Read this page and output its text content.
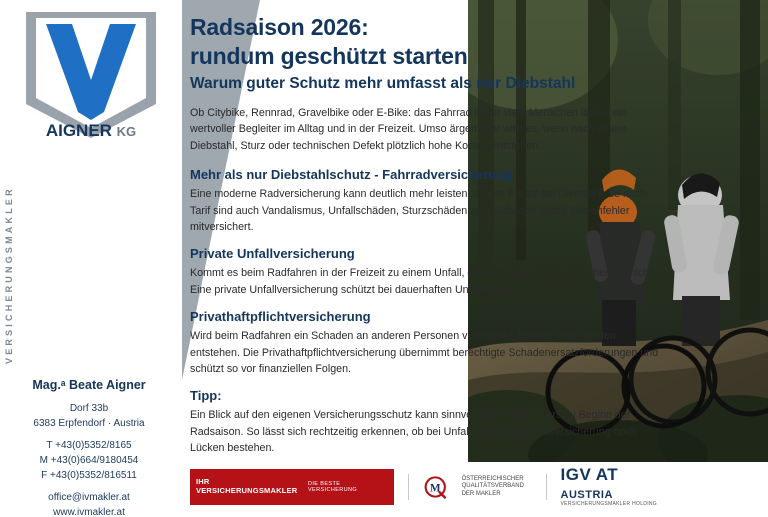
AIGNER KG
VERSICHERUNGSMAKLER
Mag.ᵃ Beate Aigner
Dorf 33b
6383 Erpfendorf · Austria
T +43(0)5352/8165
M +43(0)664/9180454
F +43(0)5352/816511
office@ivmakler.at
www.ivmakler.at
Radsaison 2026:
rundum geschützt starten
Warum guter Schutz mehr umfasst als nur Diebstahl

Ob Citybike, Rennrad, Gravelbike oder E-Bike: das Fahrrad ist für viele Menschen längst ein wertvoller Begleiter im Alltag und in der Freizeit. Umso ärgerlicher wird es, wenn nach einem Diebstahl, Sturz oder technischen Defekt plötzlich hohe Kosten entstehen.

Mehr als nur Diebstahlschutz - Fahrradversicherung

Eine moderne Radversicherung kann deutlich mehr leisten als den Ersatz bei Diebstahl. Je nach Tarif sind auch Vandalismus, Unfallschäden, Sturzschäden oder Schäden durch Bedienfehler mitversichert.

Private Unfallversicherung

Kommt es beim Radfahren in der Freizeit zu einem Unfall, greift die gesetzliche Absicherung nicht. Eine private Unfallversicherung schützt bei dauerhaften Unfallfolgen.

Privathaftpflichtversicherung

Wird beim Radfahren ein Schaden an anderen Personen verursacht, können hohe Kosten entstehen. Die Privathaftpflichtversicherung übernimmt berechtigte Schadenersatzforderungen und schützt so vor finanziellen Folgen.

Tipp:

Ein Blick auf den eigenen Versicherungsschutz kann sinnvoll sein – besonders zu Beginn der Radsaison. So lässt sich rechtzeitig erkennen, ob bei Unfall- oder Haftpflichtversicherung noch Lücken bestehen.

IHR VERSICHERUNGSMAKLER
DIE BESTE VERSICHERUNG	M
ÖSTERREICHISCHER QUALITÄTSVERBAND DER MAKLER
IGV AT AUSTRIA
VERSICHERUNGSMAKLER HOLDING
